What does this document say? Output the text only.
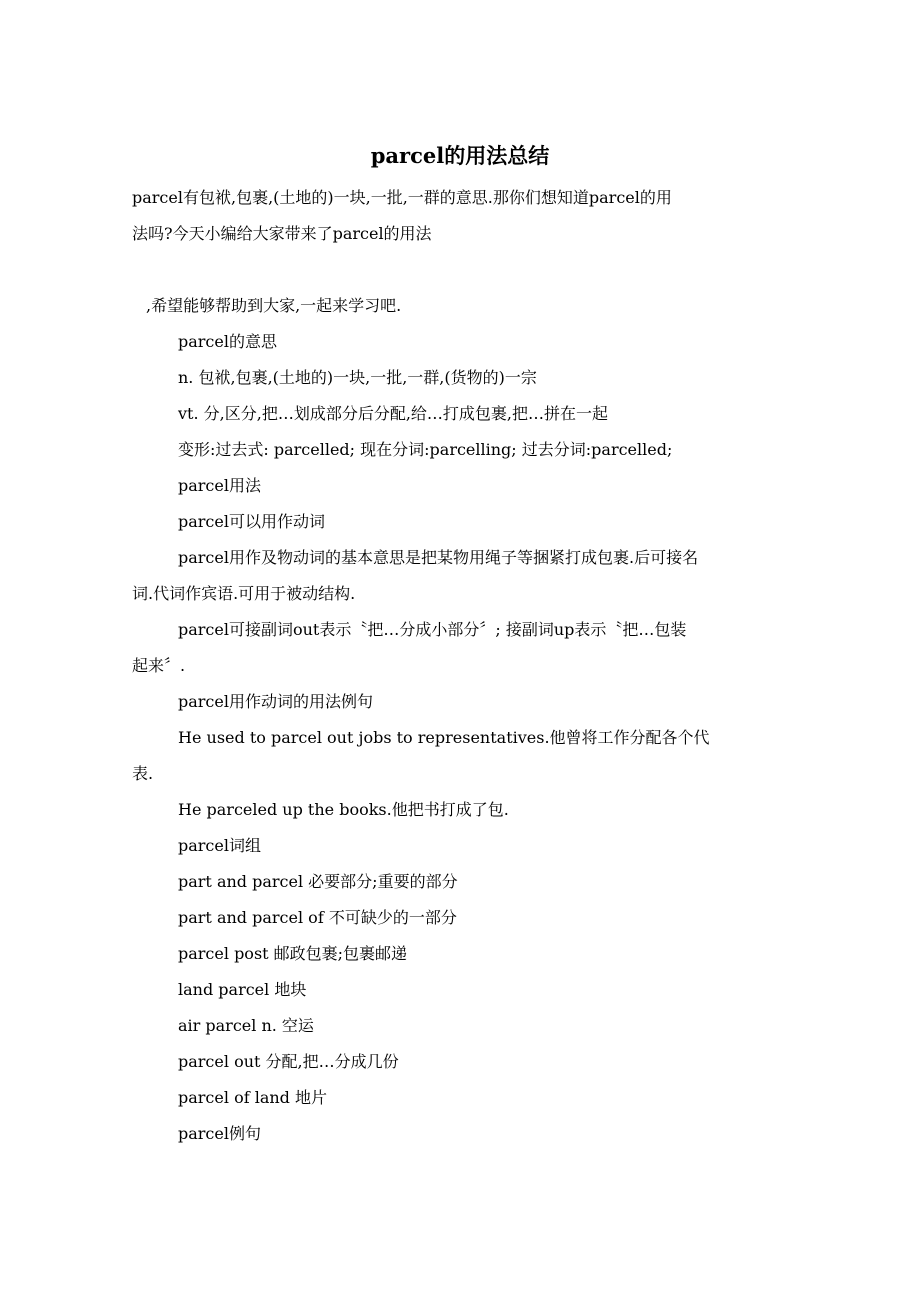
parcel的用法总结

parcel有包袱,包裹,(土地的)一块,一批,一群的意思.那你们想知道parcel的用

法吗?今天小编给大家带来了parcel的用法

,希望能够帮助到大家,一起来学习吧.

parcel的意思

n. 包袱,包裹,(土地的)一块,一批,一群,(货物的)一宗

vt. 分,区分,把…划成部分后分配,给…打成包裹,把…拼在一起

变形:过去式: parcelled; 现在分词:parcelling; 过去分词:parcelled;

parcel用法

parcel可以用作动词

parcel用作及物动词的基本意思是把某物用绳子等捆紧打成包裹.后可接名

词.代词作宾语.可用于被动结构.

parcel可接副词out表示〝把…分成小部分〞; 接副词up表示〝把…包装

起来〞.

parcel用作动词的用法例句

He used to parcel out jobs to representatives.他曾将工作分配各个代

表.

He parceled up the books.他把书打成了包.

parcel词组

part and parcel 必要部分;重要的部分

part and parcel of 不可缺少的一部分

parcel post 邮政包裹;包裹邮递

land parcel 地块

air parcel n. 空运

parcel out 分配,把…分成几份

parcel of land 地片

parcel例句
